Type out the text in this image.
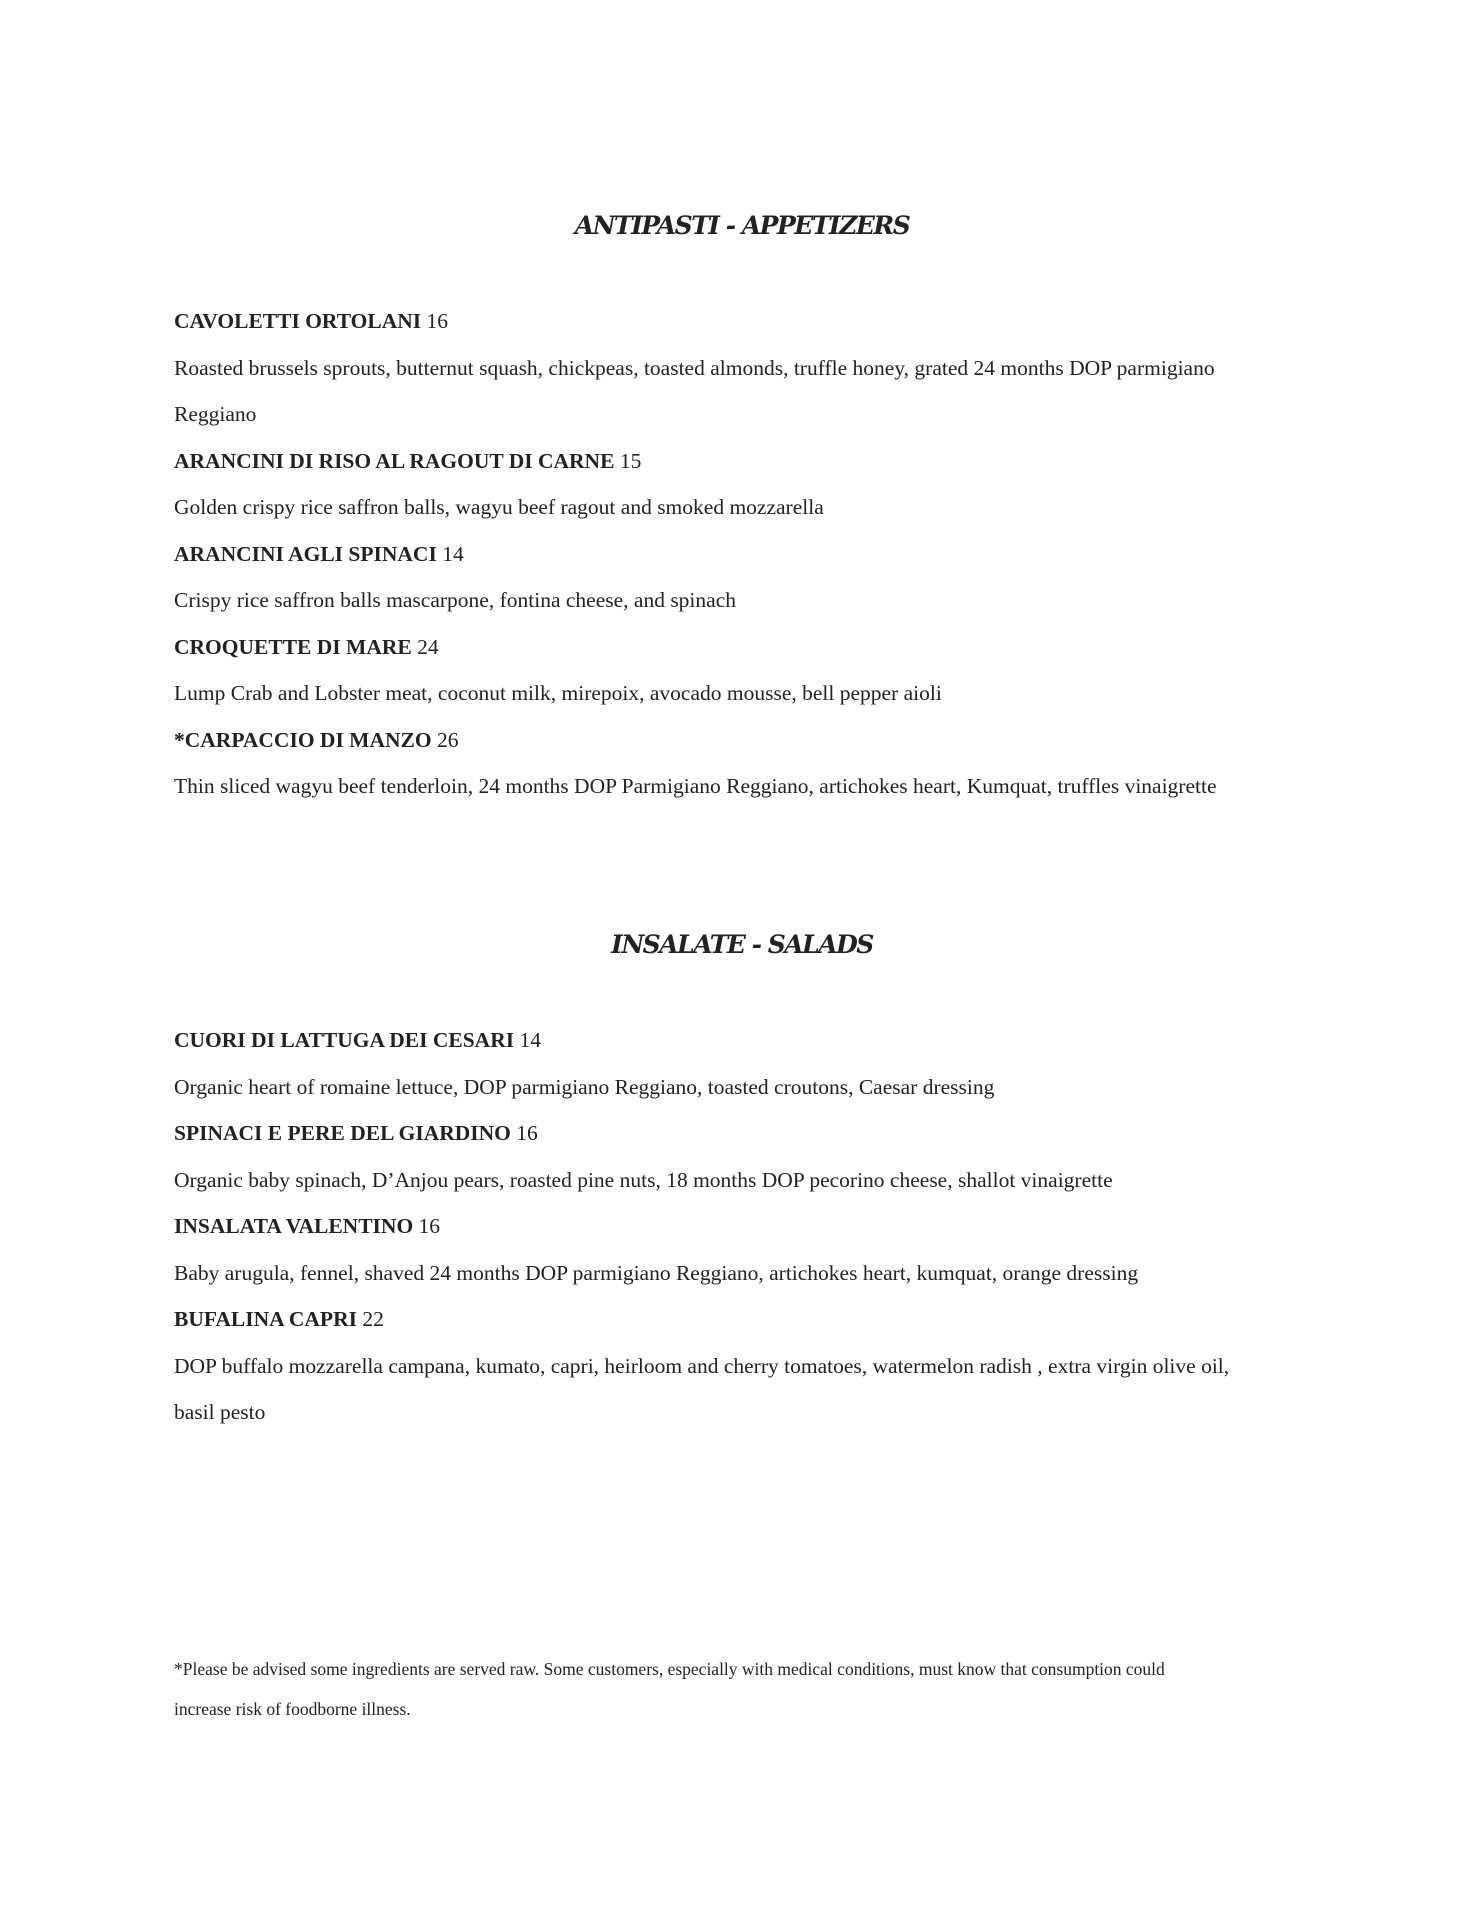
ANTIPASTI - APPETIZERS

CAVOLETTI ORTOLANI 16

Roasted brussels sprouts, butternut squash, chickpeas, toasted almonds, truffle honey, grated 24 months DOP parmigiano

Reggiano

ARANCINI DI RISO AL RAGOUT DI CARNE 15

Golden crispy rice saffron balls, wagyu beef ragout and smoked mozzarella

ARANCINI AGLI SPINACI 14

Crispy rice saffron balls mascarpone, fontina cheese, and spinach

CROQUETTE DI MARE 24

Lump Crab and Lobster meat, coconut milk, mirepoix, avocado mousse, bell pepper aioli

*CARPACCIO DI MANZO 26

Thin sliced wagyu beef tenderloin, 24 months DOP Parmigiano Reggiano, artichokes heart, Kumquat, truffles vinaigrette

INSALATE - SALADS

CUORI DI LATTUGA DEI CESARI 14

Organic heart of romaine lettuce, DOP parmigiano Reggiano, toasted croutons, Caesar dressing

SPINACI E PERE DEL GIARDINO 16

Organic baby spinach, D’Anjou pears, roasted pine nuts, 18 months DOP pecorino cheese, shallot vinaigrette

INSALATA VALENTINO 16

Baby arugula, fennel, shaved 24 months DOP parmigiano Reggiano, artichokes heart, kumquat, orange dressing

BUFALINA CAPRI 22

DOP buffalo mozzarella campana, kumato, capri, heirloom and cherry tomatoes, watermelon radish , extra virgin olive oil,

basil pesto

*Please be advised some ingredients are served raw. Some customers, especially with medical conditions, must know that consumption could
increase risk of foodborne illness.
